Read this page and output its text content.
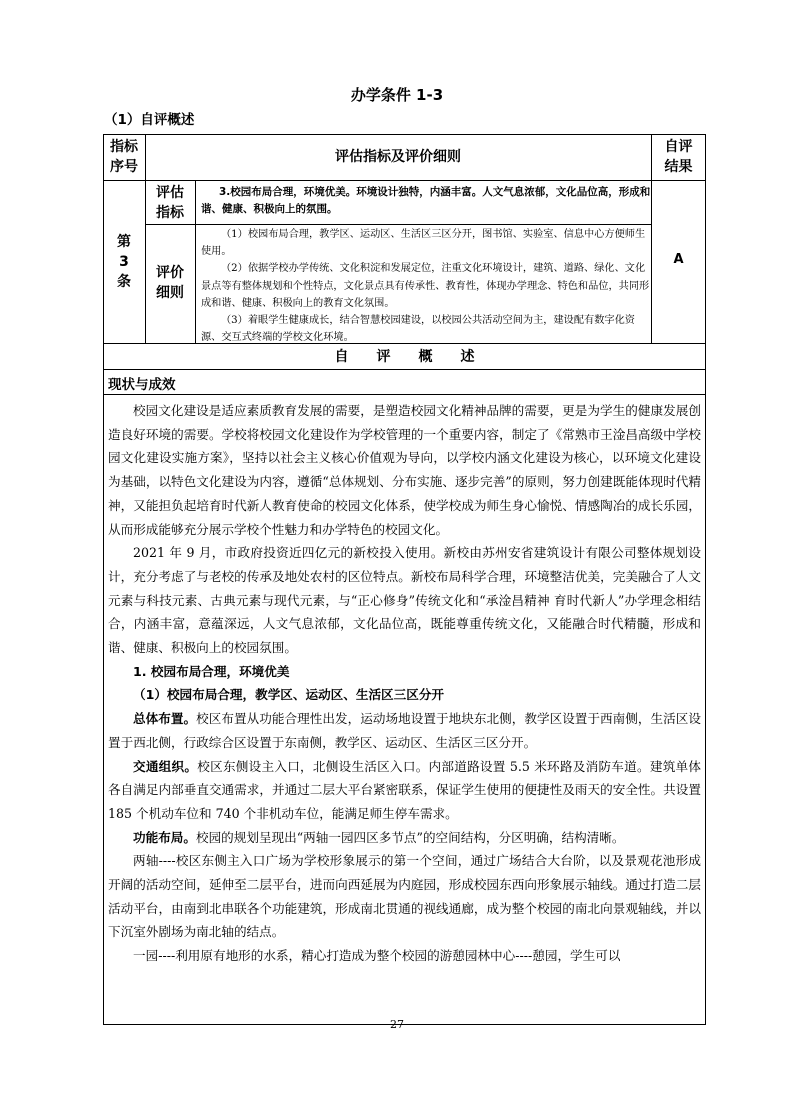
办学条件 1-3
（1）自评概述
指标
序号
评估指标及评价细则
自评
结果
第
3
条
评估
指标
评价
细则
3.校园布局合理，环境优美。环境设计独特，内涵丰富。人文气息浓郁，文化品位高，形成和谐、健康、积极向上的氛围。

（1）校园布局合理，教学区、运动区、生活区三区分开，图书馆、实验室、信息中心方便师生使用。

（2）依据学校办学传统、文化积淀和发展定位，注重文化环境设计，建筑、道路、绿化、文化景点等有整体规划和个性特点，文化景点具有传承性、教育性，体现办学理念、特色和品位，共同形成和谐、健康、积极向上的教育文化氛围。

（3）着眼学生健康成长，结合智慧校园建设，以校园公共活动空间为主，建设配有数字化资源、交互式终端的学校文化环境。

A
自　　评　　概　　述
现状与成效

校园文化建设是适应素质教育发展的需要，是塑造校园文化精神品牌的需要，更是为学生的健康发展创造良好环境的需要。学校将校园文化建设作为学校管理的一个重要内容，制定了《常熟市王淦昌高级中学校园文化建设实施方案》，坚持以社会主义核心价值观为导向，以学校内涵文化建设为核心，以环境文化建设为基础，以特色文化建设为内容，遵循“总体规划、分布实施、逐步完善”的原则，努力创建既能体现时代精神，又能担负起培育时代新人教育使命的校园文化体系，使学校成为师生身心愉悦、情感陶冶的成长乐园，从而形成能够充分展示学校个性魅力和办学特色的校园文化。

2021 年 9 月，市政府投资近四亿元的新校投入使用。新校由苏州安省建筑设计有限公司整体规划设计，充分考虑了与老校的传承及地处农村的区位特点。新校布局科学合理，环境整洁优美，完美融合了人文元素与科技元素、古典元素与现代元素，与“正心修身”传统文化和“承淦昌精神 育时代新人”办学理念相结合，内涵丰富，意蕴深远，人文气息浓郁，文化品位高，既能尊重传统文化，又能融合时代精髓，形成和谐、健康、积极向上的校园氛围。

1. 校园布局合理，环境优美

（1）校园布局合理，教学区、运动区、生活区三区分开

总体布置。校区布置从功能合理性出发，运动场地设置于地块东北侧，教学区设置于西南侧，生活区设置于西北侧，行政综合区设置于东南侧，教学区、运动区、生活区三区分开。

交通组织。校区东侧设主入口，北侧设生活区入口。内部道路设置 5.5 米环路及消防车道。建筑单体各自满足内部垂直交通需求，并通过二层大平台紧密联系，保证学生使用的便捷性及雨天的安全性。共设置 185 个机动车位和 740 个非机动车位，能满足师生停车需求。

功能布局。校园的规划呈现出“两轴一园四区多节点”的空间结构，分区明确，结构清晰。

两轴----校区东侧主入口广场为学校形象展示的第一个空间，通过广场结合大台阶，以及景观花池形成开阔的活动空间，延伸至二层平台，进而向西延展为内庭园，形成校园东西向形象展示轴线。通过打造二层活动平台，由南到北串联各个功能建筑，形成南北贯通的视线通廊，成为整个校园的南北向景观轴线，并以下沉室外剧场为南北轴的结点。

一园----利用原有地形的水系，精心打造成为整个校园的游憩园林中心----憩园，学生可以

27
